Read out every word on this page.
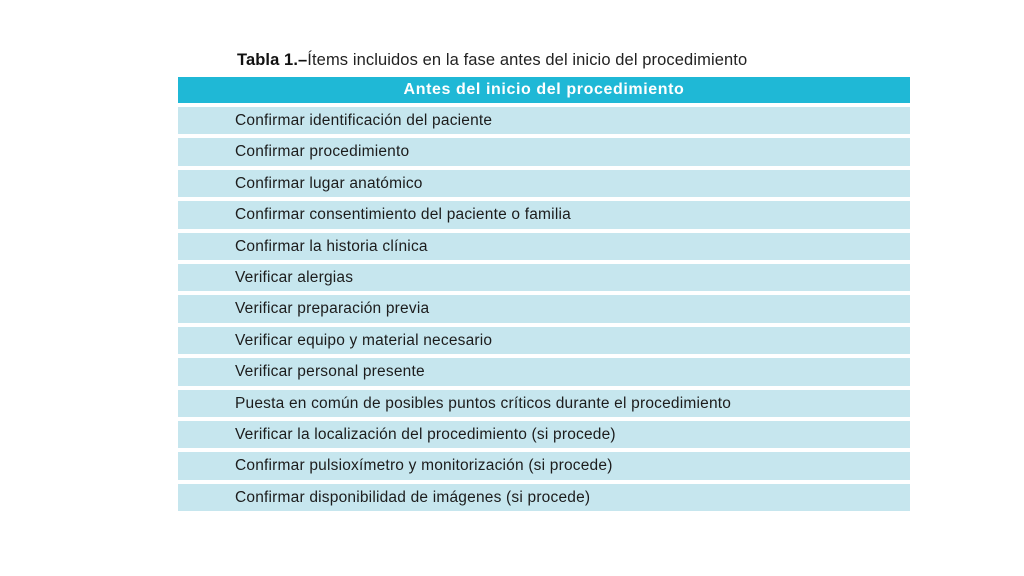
Tabla 1.–Ítems incluidos en la fase antes del inicio del procedimiento
Antes del inicio del procedimiento
Confirmar identificación del paciente
Confirmar procedimiento
Confirmar lugar anatómico
Confirmar consentimiento del paciente o familia
Confirmar la historia clínica
Verificar alergias
Verificar preparación previa
Verificar equipo y material necesario
Verificar personal presente
Puesta en común de posibles puntos críticos durante el procedimiento
Verificar la localización del procedimiento (si procede)
Confirmar pulsioxímetro y monitorización (si procede)
Confirmar disponibilidad de imágenes (si procede)
